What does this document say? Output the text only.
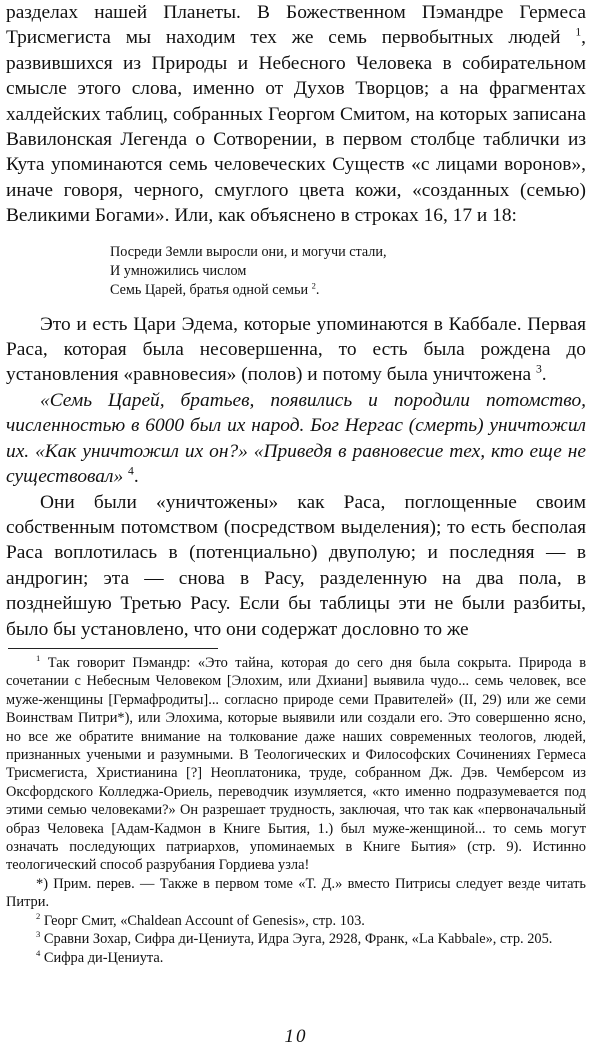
разделах нашей Планеты. В Божественном Пэмандре Гермеса Трисмегиста мы находим тех же семь первобытных людей $^1$, развившихся из Природы и Небесного Человека в собирательном смысле этого слова, именно от Духов Творцов; а на фрагментах халдейских таблиц, собранных Георгом Смитом, на которых записана Вавилонская Легенда о Сотворении, в первом столбце таблички из Кута упоминаются семь человеческих Существ «с лицами воронов», иначе говоря, черного, смуглого цвета кожи, «созданных (семью) Великими Богами». Или, как объяснено в строках 16, 17 и 18:

Посреди Земли выросли они, и могучи стали,
И умножились числом
Семь Царей, братья одной семьи $^2$.

Это и есть Цари Эдема, которые упоминаются в Каббале. Первая Раса, которая была несовершенна, то есть была рождена до установления «равновесия» (полов) и потому была уничтожена $^3$.

«Семь Царей, братьев, появились и породили потомство, численностью в 6000 был их народ. Бог Нергас (смерть) уничтожил их. «Как уничтожил их он?» «Приведя в равновесие тех, кто еще не существовал» $^4$.

Они были «уничтожены» как Раса, поглощенные своим собственным потомством (посредством выделения); то есть бесполая Раса воплотилась в (потенциально) двуполую; и последняя — в андрогин; эта — снова в Расу, разделенную на два пола, в позднейшую Третью Расу. Если бы таблицы эти не были разбиты, было бы установлено, что они содержат дословно то же

$^1$ Так говорит Пэмандр: «Это тайна, которая до сего дня была сокрыта. Природа в сочетании с Небесным Человеком [Элохим, или Дхиани] выявила чудо... семь человек, все муже-женщины [Гермафродиты]... согласно природе семи Правителей» (II, 29) или же семи Воинствам Питри*), или Элохима, которые выявили или создали его. Это совершенно ясно, но все же обратите внимание на толкование даже наших современных теологов, людей, признанных учеными и разумными. В Теологических и Философских Сочинениях Гермеса Трисмегиста, Христианина [?] Неоплатоника, труде, собранном Дж. Дэв. Чемберсом из Оксфордского Колледжа-Ориель, переводчик изумляется, «кто именно подразумевается под этими семью человеками?» Он разрешает трудность, заключая, что так как «первоначальный образ Человека [Адам-Кадмон в Книге Бытия, 1.) был муже-женщиной... то семь могут означать последующих патриархов, упоминаемых в Книге Бытия» (стр. 9). Истинно теологический способ разрубания Гордиева узла!

*) Прим. перев. — Также в первом томе «Т. Д.» вместо Питрисы следует везде читать Питри.

$^2$ Георг Смит, «Chaldean Account of Genesis», стр. 103.

$^3$ Сравни Зохар, Сифра ди-Цениута, Идра Эуга, 2928, Франк, «La Kabbale», стр. 205.

$^4$ Сифра ди-Цениута.

10
